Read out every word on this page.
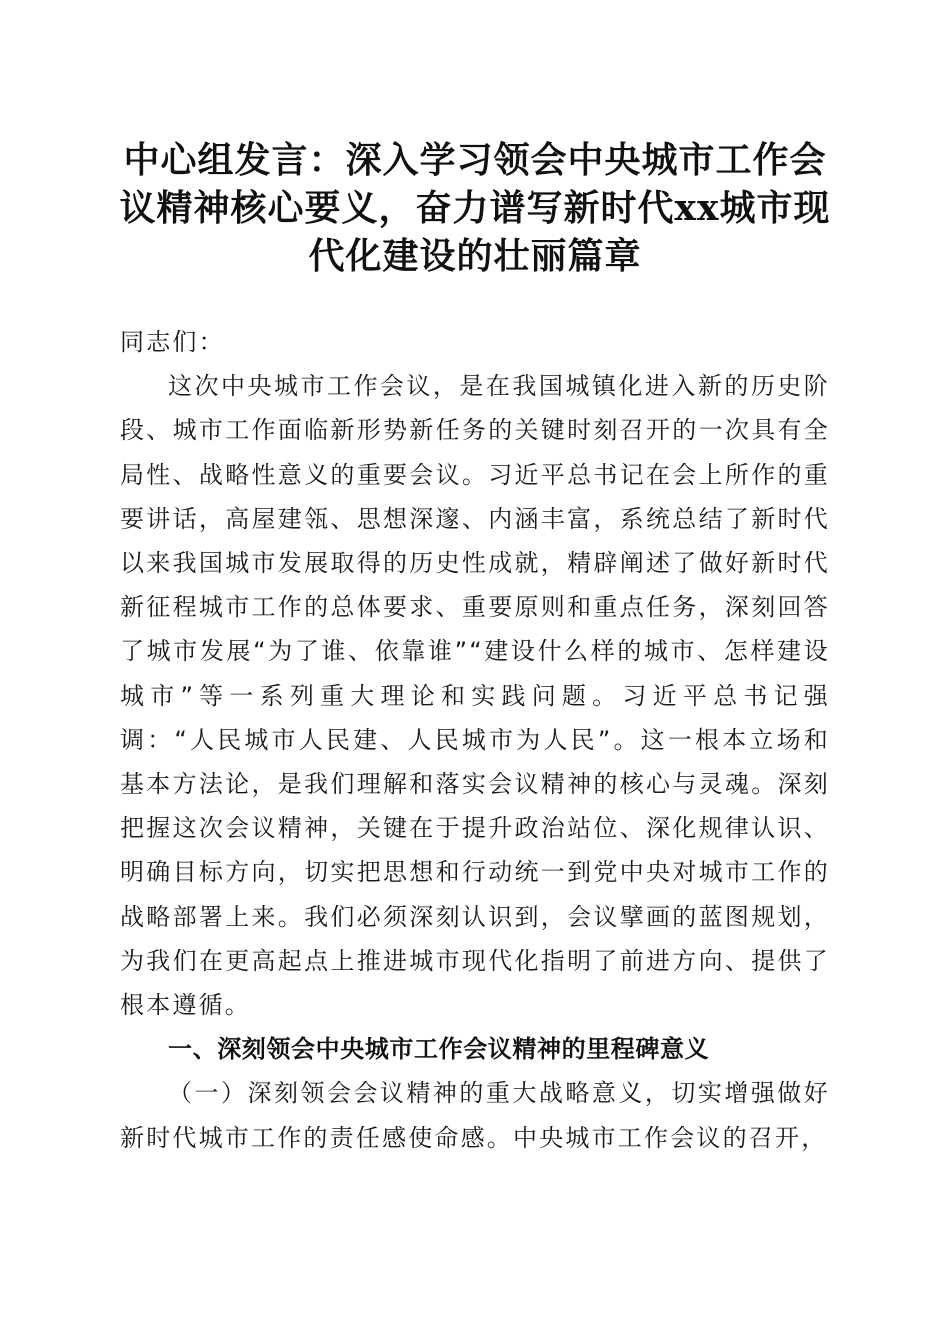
中心组发言：深入学习领会中央城市工作会议精神核心要义，奋力谱写新时代xx城市现代化建设的壮丽篇章

同志们：

这次中央城市工作会议，是在我国城镇化进入新的历史阶段、城市工作面临新形势新任务的关键时刻召开的一次具有全局性、战略性意义的重要会议。习近平总书记在会上所作的重要讲话，高屋建瓴、思想深邃、内涵丰富，系统总结了新时代以来我国城市发展取得的历史性成就，精辟阐述了做好新时代新征程城市工作的总体要求、重要原则和重点任务，深刻回答了城市发展“为了谁、依靠谁”“建设什么样的城市、怎样建设城市”等一系列重大理论和实践问题。习近平总书记强调：“人民城市人民建、人民城市为人民”。这一根本立场和基本方法论，是我们理解和落实会议精神的核心与灵魂。深刻把握这次会议精神，关键在于提升政治站位、深化规律认识、明确目标方向，切实把思想和行动统一到党中央对城市工作的战略部署上来。我们必须深刻认识到，会议擘画的蓝图规划，为我们在更高起点上推进城市现代化指明了前进方向、提供了根本遵循。

一、深刻领会中央城市工作会议精神的里程碑意义

（一）深刻领会会议精神的重大战略意义，切实增强做好新时代城市工作的责任感使命感。中央城市工作会议的召开，
